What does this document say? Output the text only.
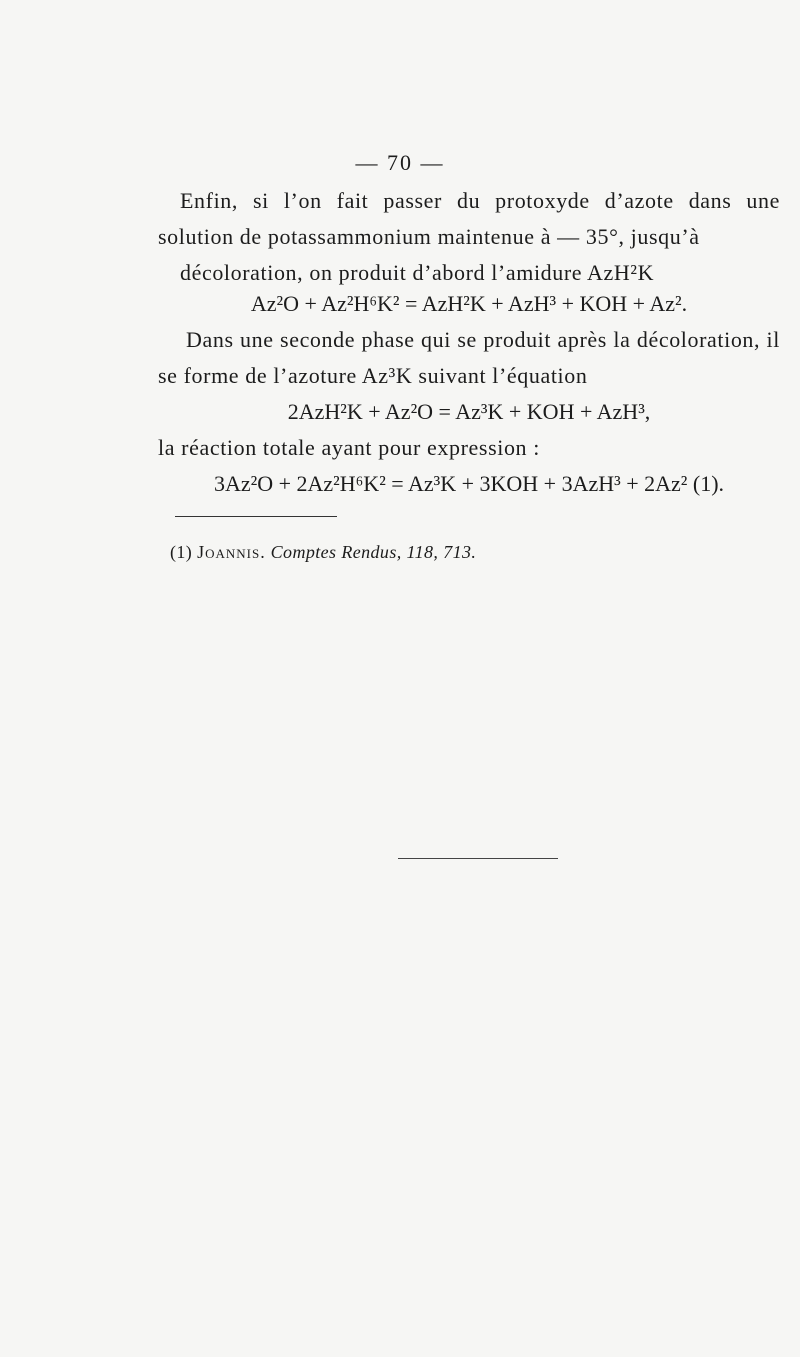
— 70 —
Enfin, si l’on fait passer du protoxyde d’azote dans une solution de potassammonium maintenue à — 35°, jusqu’à
décoloration, on produit d’abord l’amidure AzH²K
Az²O + Az²H⁶K² = AzH²K + AzH³ + KOH + Az².
Dans une seconde phase qui se produit après la décoloration, il se forme de l’azoture Az³K suivant l’équation
2AzH²K + Az²O = Az³K + KOH + AzH³,
la réaction totale ayant pour expression :
3Az²O + 2Az²H⁶K² = Az³K + 3KOH + 3AzH³ + 2Az² (1).
(1) Joannis. Comptes Rendus, 118, 713.
